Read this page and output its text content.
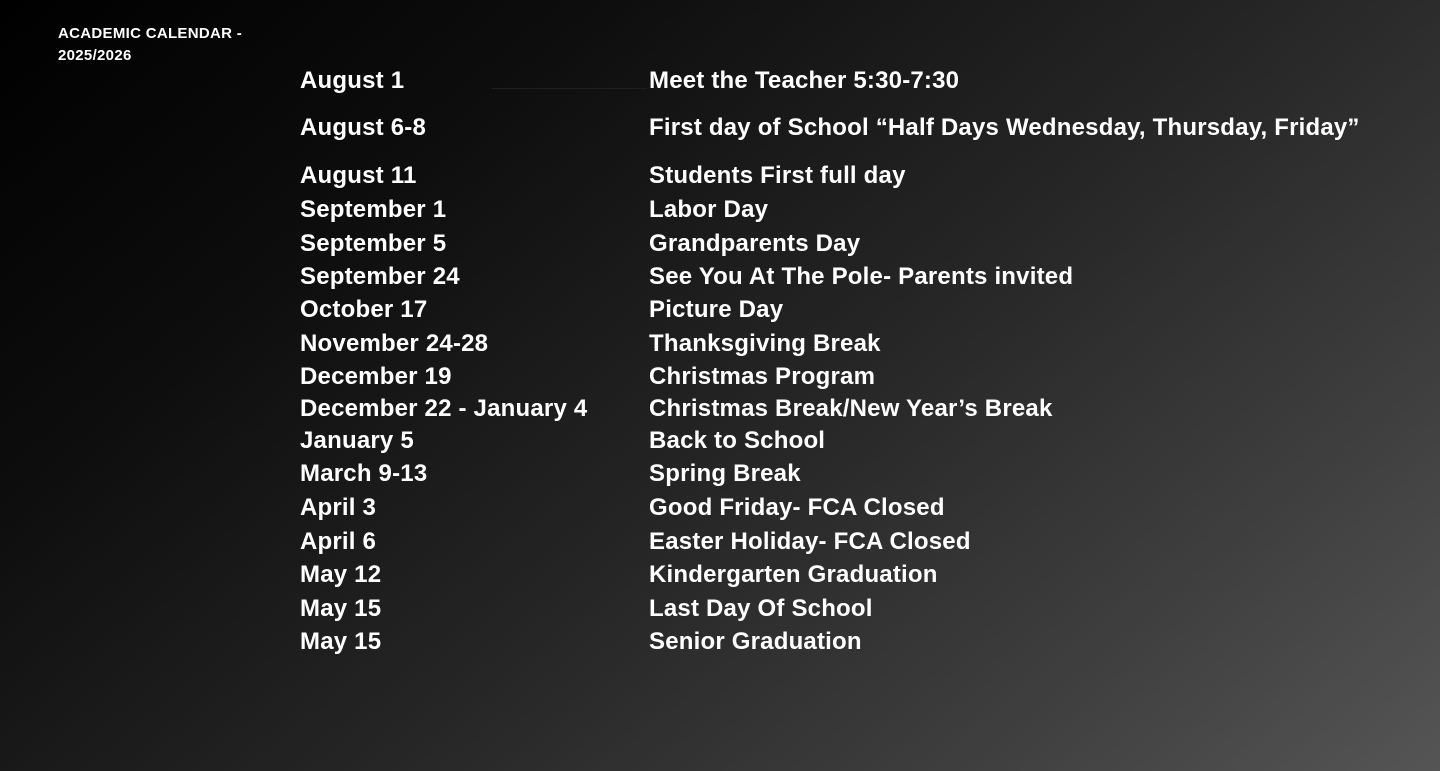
ACADEMIC CALENDAR -
2025/2026
August 1	Meet the Teacher 5:30-7:30
August 6-8	First day of School “Half Days Wednesday, Thursday, Friday”
August 11	Students First full day
September 1	Labor Day
September 5	Grandparents Day
September 24	See You At The Pole- Parents invited
October 17	Picture Day
November 24-28	Thanksgiving Break
December 19	Christmas Program
December 22 - January 4	Christmas Break/New Year’s Break
January 5	Back to School
March 9-13	Spring Break
April 3	Good Friday- FCA Closed
April 6	Easter Holiday- FCA Closed
May 12	Kindergarten Graduation
May 15	Last Day Of School
May 15	Senior Graduation
